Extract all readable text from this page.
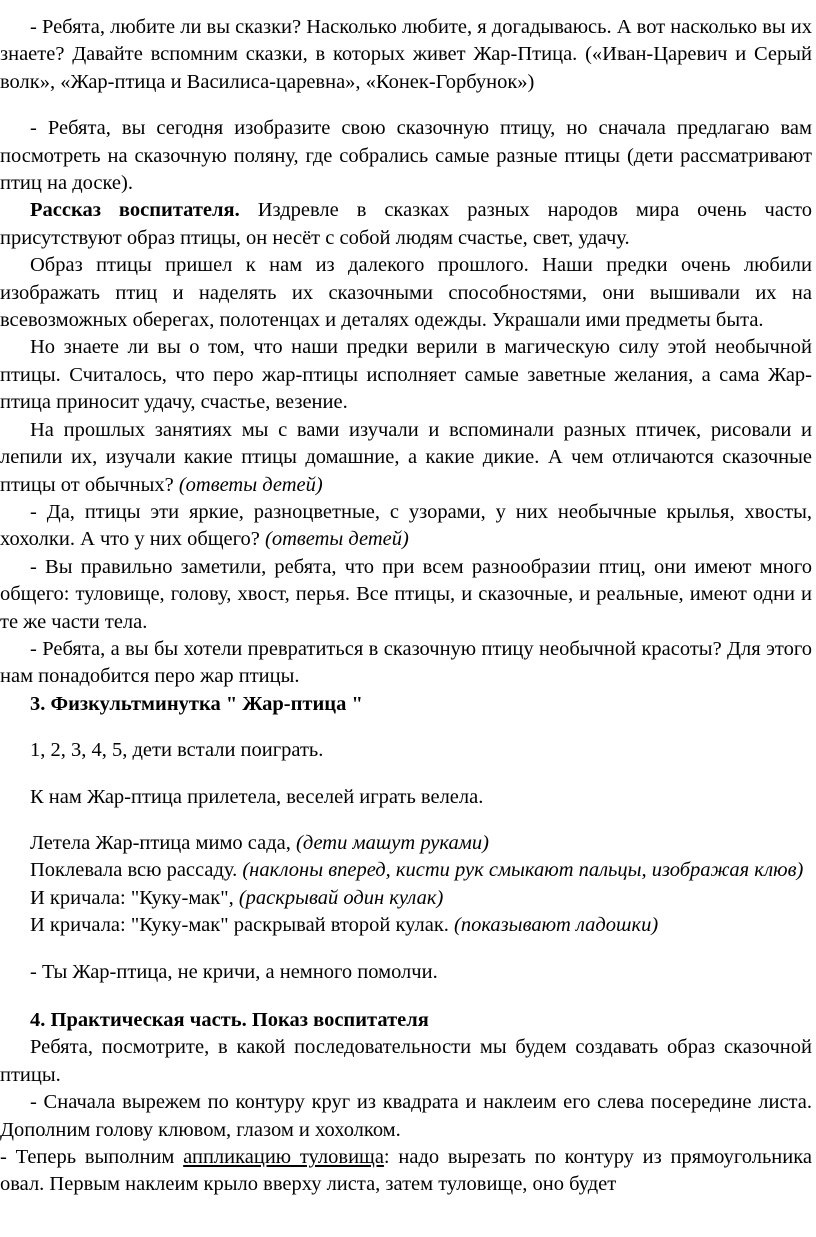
- Ребята, любите ли вы сказки? Насколько любите, я догадываюсь. А вот насколько вы их знаете? Давайте вспомним сказки, в которых живет Жар-Птица. («Иван-Царевич и Серый волк», «Жар-птица и Василиса-царевна», «Конек-Горбунок»)

- Ребята, вы сегодня изобразите свою сказочную птицу, но сначала предлагаю вам посмотреть на сказочную поляну, где собрались самые разные птицы (дети рассматривают птиц на доске).

Рассказ воспитателя. Издревле в сказках разных народов мира очень часто присутствуют образ птицы, он несёт с собой людям счастье, свет, удачу.

Образ птицы пришел к нам из далекого прошлого. Наши предки очень любили изображать птиц и наделять их сказочными способностями, они вышивали их на всевозможных оберегах, полотенцах и деталях одежды. Украшали ими предметы быта.

Но знаете ли вы о том, что наши предки верили в магическую силу этой необычной птицы. Считалось, что перо жар-птицы исполняет самые заветные желания, а сама Жар-птица приносит удачу, счастье, везение.

На прошлых занятиях мы с вами изучали и вспоминали разных птичек, рисовали и лепили их, изучали какие птицы домашние, а какие дикие. А чем отличаются сказочные птицы от обычных? (ответы детей)

- Да, птицы эти яркие, разноцветные, с узорами, у них необычные крылья, хвосты, хохолки. А что у них общего? (ответы детей)

- Вы правильно заметили, ребята, что при всем разнообразии птиц, они имеют много общего: туловище, голову, хвост, перья. Все птицы, и сказочные, и реальные, имеют одни и те же части тела.

- Ребята, а вы бы хотели превратиться в сказочную птицу необычной красоты? Для этого нам понадобится перо жар птицы.

3. Физкультминутка " Жар-птица "

1, 2, 3, 4, 5, дети встали поиграть.

К нам Жар-птица прилетела, веселей играть велела.

Летела Жар-птица мимо сада, (дети машут руками)

Поклевала всю рассаду. (наклоны вперед, кисти рук смыкают пальцы, изображая клюв)

И кричала: "Куку-мак", (раскрывай один кулак)

И кричала: "Куку-мак" раскрывай второй кулак. (показывают ладошки)

- Ты Жар-птица, не кричи, а немного помолчи.

4. Практическая часть. Показ воспитателя

Ребята, посмотрите, в какой последовательности мы будем создавать образ сказочной птицы.

- Сначала вырежем по контуру круг из квадрата и наклеим его слева посередине листа. Дополним голову клювом, глазом и хохолком.

- Теперь выполним аппликацию туловища: надо вырезать по контуру из прямоугольника овал. Первым наклеим крыло вверху листа, затем туловище, оно будет
